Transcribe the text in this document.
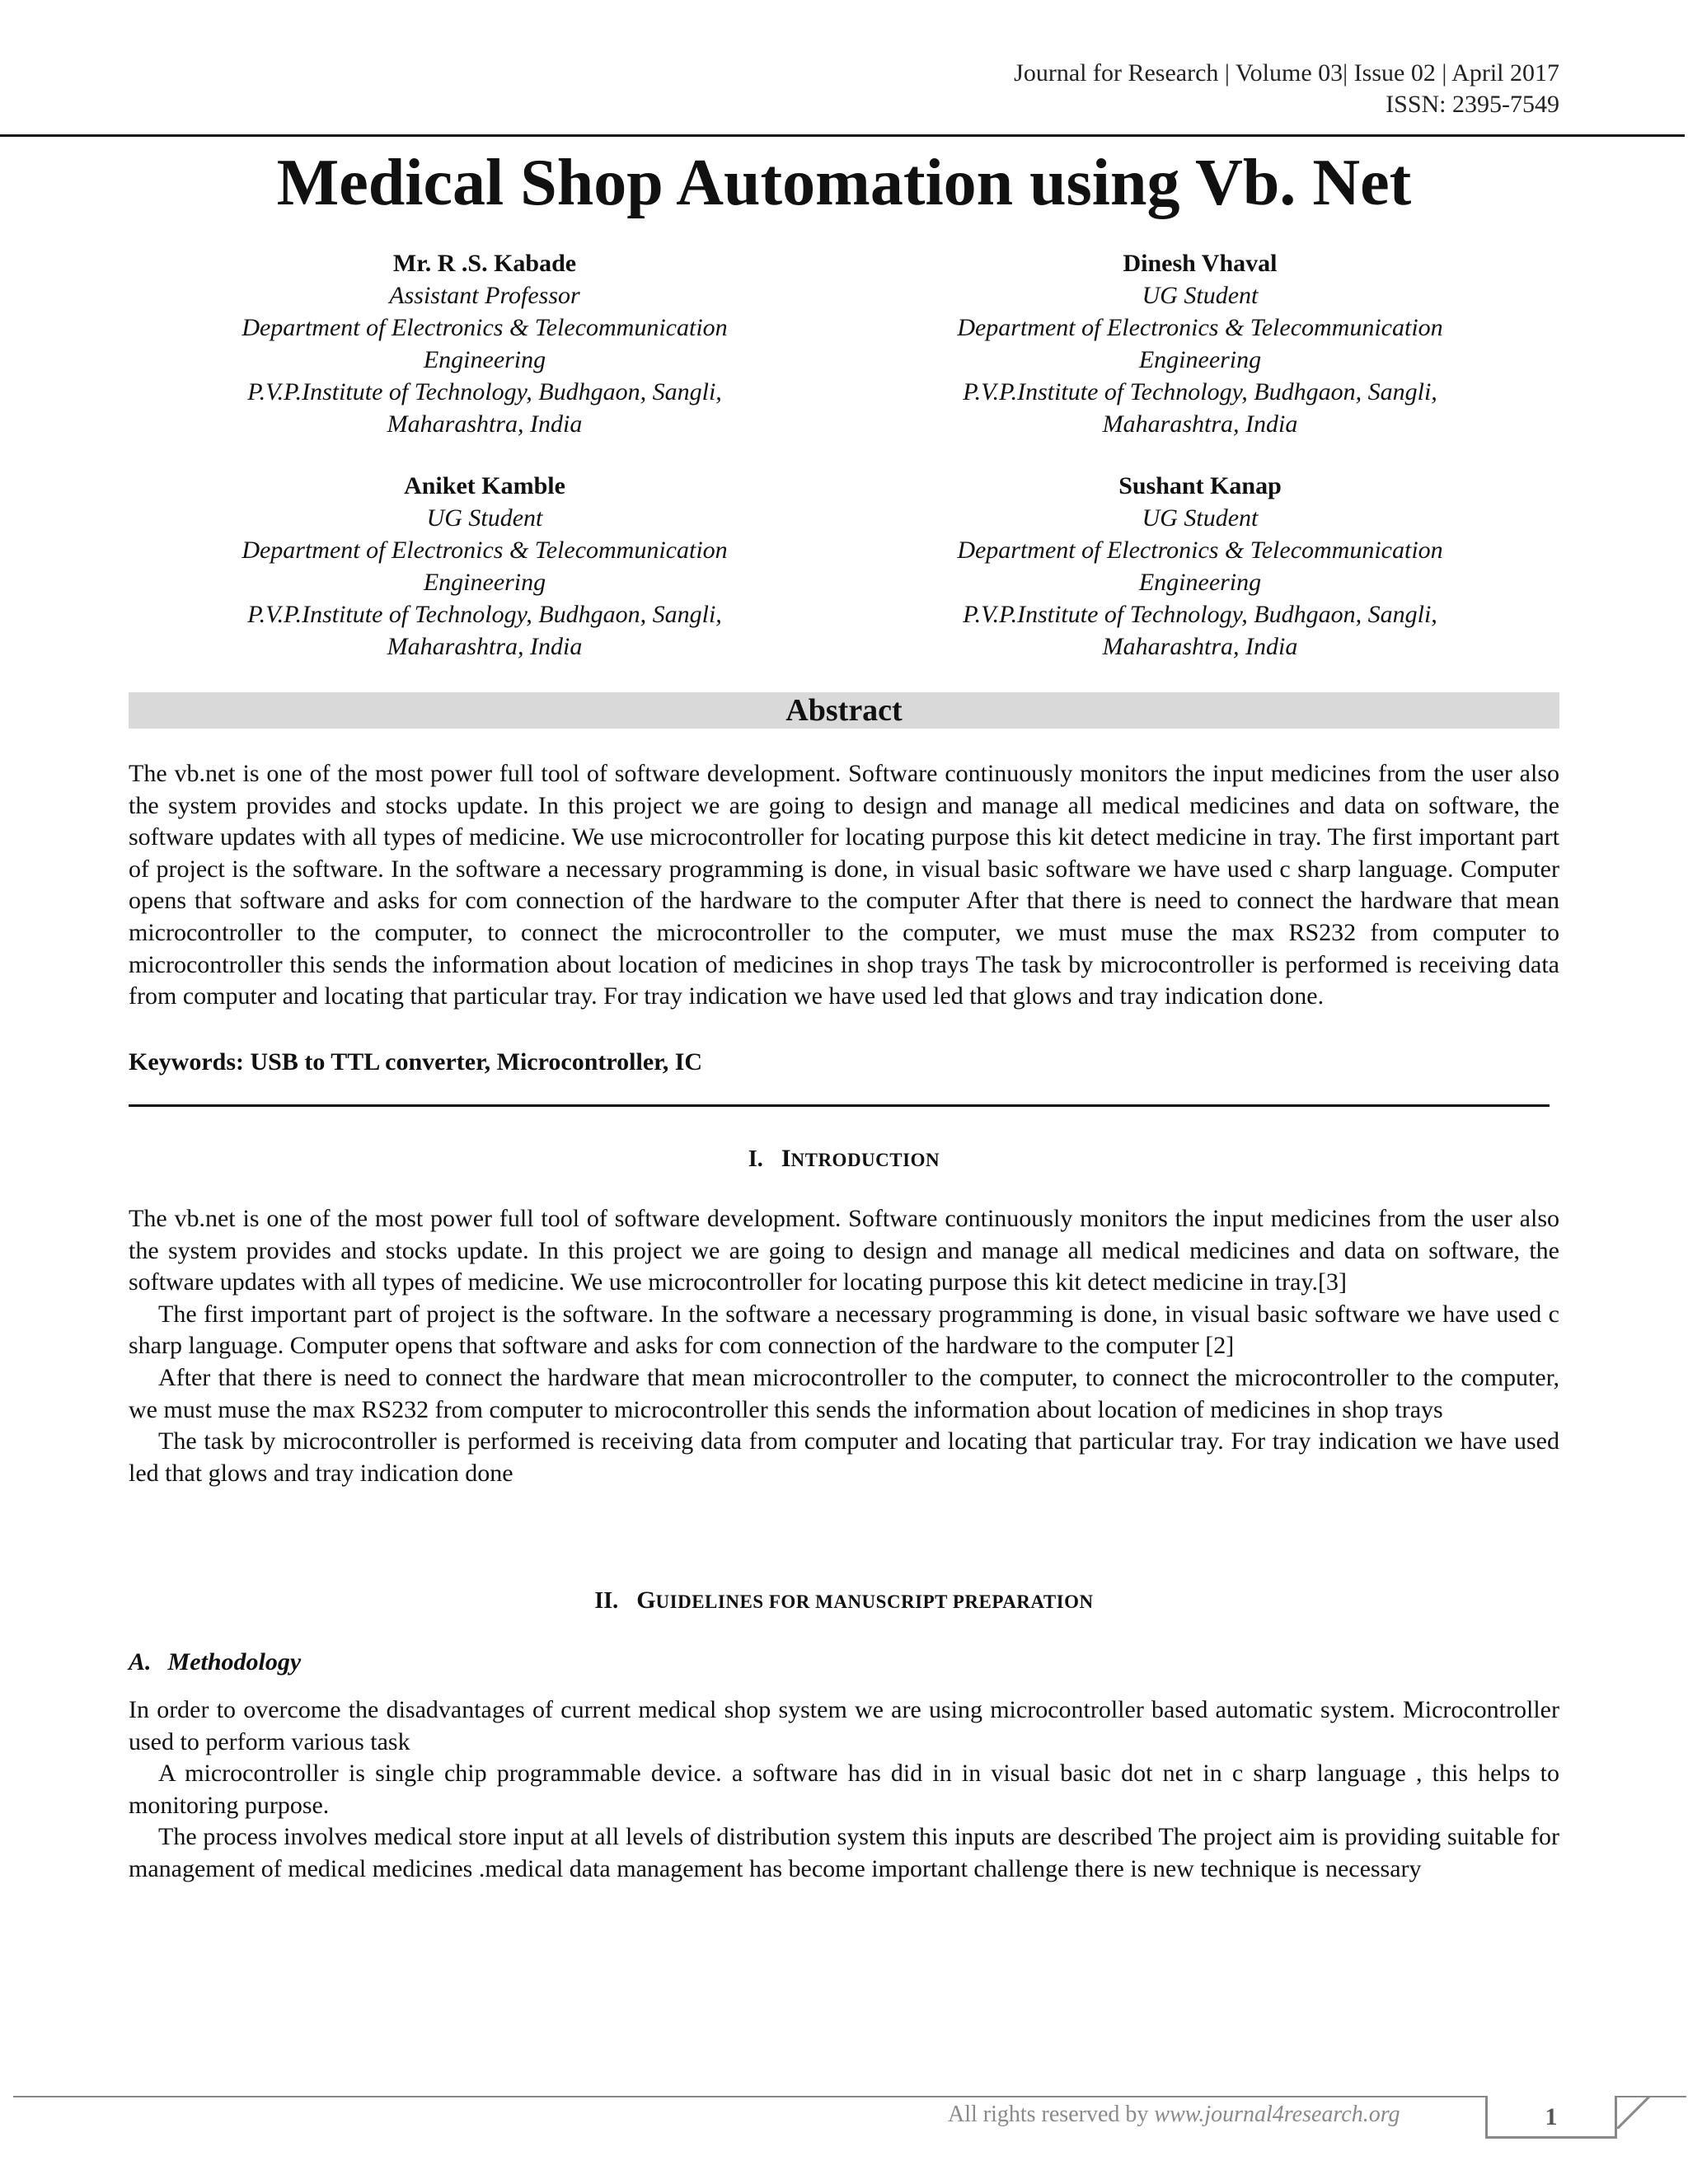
Journal for Research | Volume 03| Issue 02 | April 2017
ISSN: 2395-7549
Medical Shop Automation using Vb. Net
Mr. R .S. Kabade
Assistant Professor
Department of Electronics & Telecommunication
Engineering
P.V.P.Institute of Technology, Budhgaon, Sangli,
Maharashtra, India
Dinesh Vhaval
UG Student
Department of Electronics & Telecommunication
Engineering
P.V.P.Institute of Technology, Budhgaon, Sangli,
Maharashtra, India
Aniket Kamble
UG Student
Department of Electronics & Telecommunication
Engineering
P.V.P.Institute of Technology, Budhgaon, Sangli,
Maharashtra, India
Sushant Kanap
UG Student
Department of Electronics & Telecommunication
Engineering
P.V.P.Institute of Technology, Budhgaon, Sangli,
Maharashtra, India
Abstract

The vb.net is one of the most power full tool of software development. Software continuously monitors the input medicines from the user also the system provides and stocks update. In this project we are going to design and manage all medical medicines and data on software, the software updates with all types of medicine. We use microcontroller for locating purpose this kit detect medicine in tray. The first important part of project is the software. In the software a necessary programming is done, in visual basic software we have used c sharp language. Computer opens that software and asks for com connection of the hardware to the computer After that there is need to connect the hardware that mean microcontroller to the computer, to connect the microcontroller to the computer, we must muse the max RS232 from computer to microcontroller this sends the information about location of medicines in shop trays The task by microcontroller is performed is receiving data from computer and locating that particular tray. For tray indication we have used led that glows and tray indication done.

Keywords: USB to TTL converter, Microcontroller, IC
I. INTRODUCTION

The vb.net is one of the most power full tool of software development. Software continuously monitors the input medicines from the user also the system provides and stocks update. In this project we are going to design and manage all medical medicines and data on software, the software updates with all types of medicine. We use microcontroller for locating purpose this kit detect medicine in tray.[3]

The first important part of project is the software. In the software a necessary programming is done, in visual basic software we have used c sharp language. Computer opens that software and asks for com connection of the hardware to the computer [2]

After that there is need to connect the hardware that mean microcontroller to the computer, to connect the microcontroller to the computer, we must muse the max RS232 from computer to microcontroller this sends the information about location of medicines in shop trays

The task by microcontroller is performed is receiving data from computer and locating that particular tray. For tray indication we have used led that glows and tray indication done

II. GUIDELINES FOR MANUSCRIPT PREPARATION
A. Methodology

In order to overcome the disadvantages of current medical shop system we are using microcontroller based automatic system. Microcontroller used to perform various task

A microcontroller is single chip programmable device. a software has did in in visual basic dot net in c sharp language , this helps to monitoring purpose.

The process involves medical store input at all levels of distribution system this inputs are described The project aim is providing suitable for management of medical medicines .medical data management has become important challenge there is new technique is necessary

All rights reserved by www.journal4research.org	1
